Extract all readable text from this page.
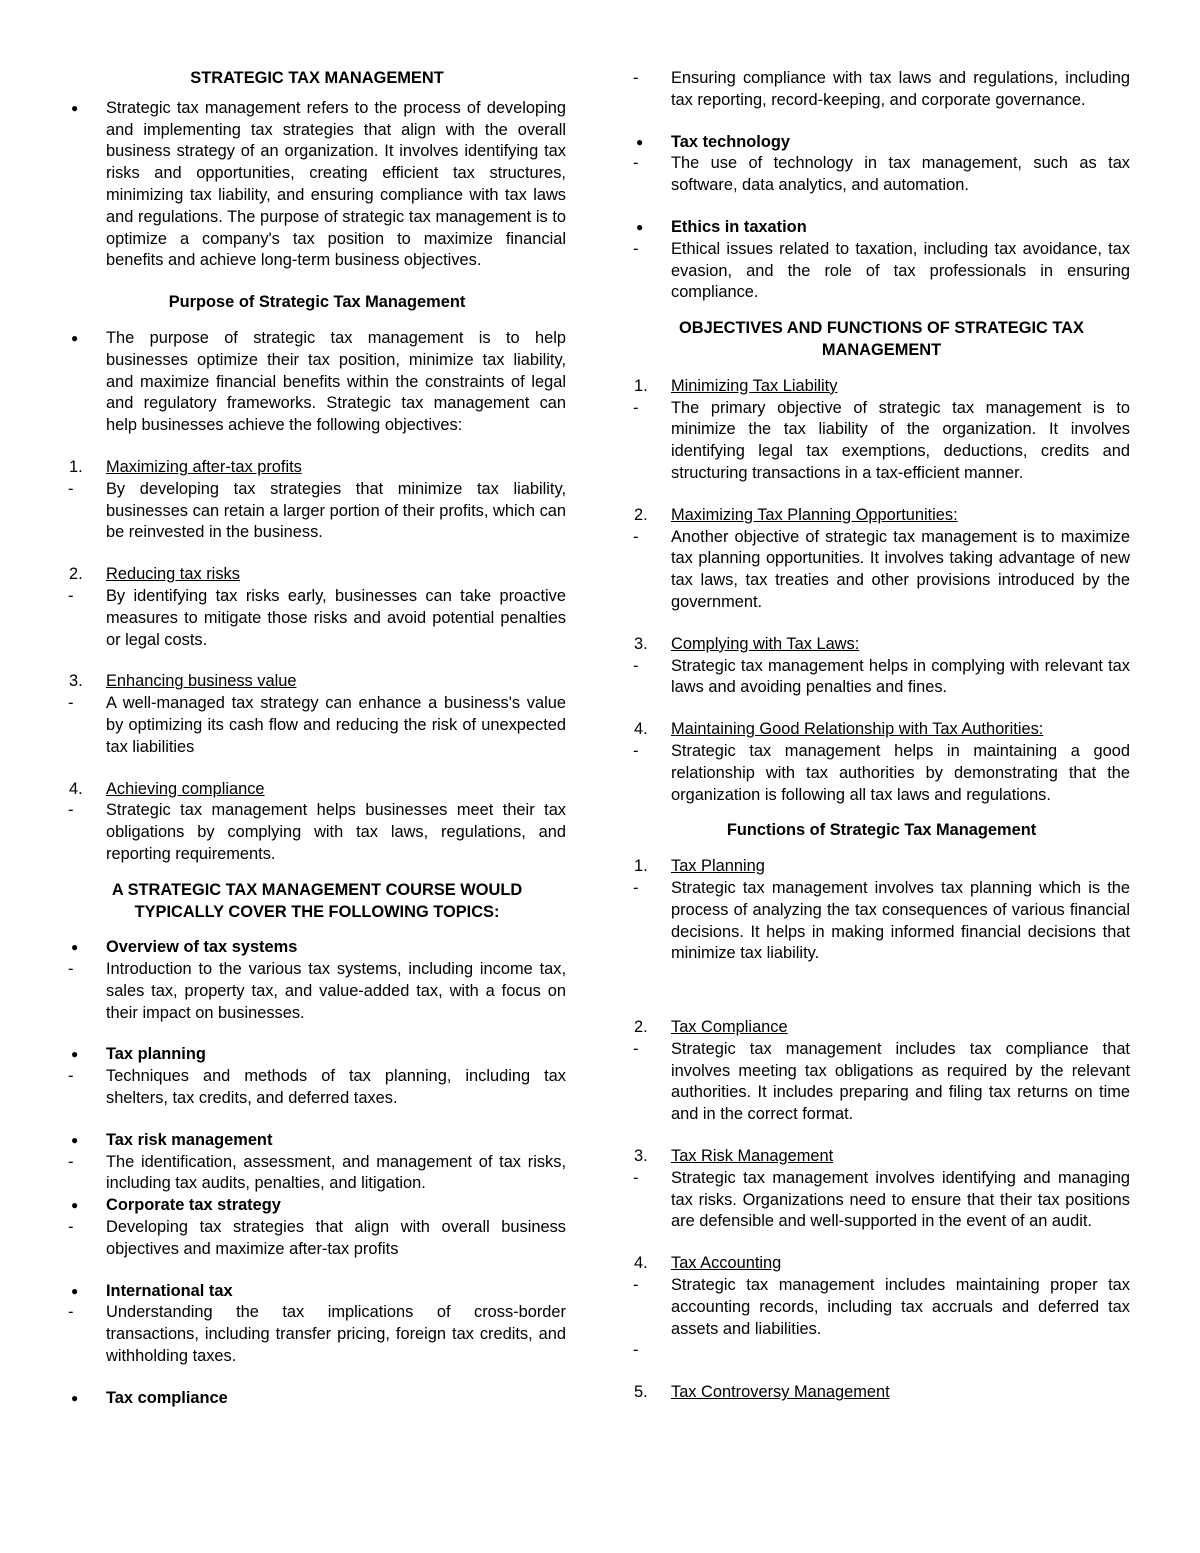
STRATEGIC TAX MANAGEMENT

●	Strategic tax management refers to the process of developing and implementing tax strategies that align with the overall business strategy of an organization. It involves identifying tax risks and opportunities, creating efficient tax structures, minimizing tax liability, and ensuring compliance with tax laws and regulations. The purpose of strategic tax management is to optimize a company's tax position to maximize financial benefits and achieve long-term business objectives.

Purpose of Strategic Tax Management

●	The purpose of strategic tax management is to help businesses optimize their tax position, minimize tax liability, and maximize financial benefits within the constraints of legal and regulatory frameworks. Strategic tax management can help businesses achieve the following objectives:
1.	Maximizing after-tax profits
-	By developing tax strategies that minimize tax liability, businesses can retain a larger portion of their profits, which can be reinvested in the business.
2.	Reducing tax risks
-	By identifying tax risks early, businesses can take proactive measures to mitigate those risks and avoid potential penalties or legal costs.
3.	Enhancing business value
-	A well-managed tax strategy can enhance a business's value by optimizing its cash flow and reducing the risk of unexpected tax liabilities
4.	Achieving compliance
-	Strategic tax management helps businesses meet their tax obligations by complying with tax laws, regulations, and reporting requirements.

A STRATEGIC TAX MANAGEMENT COURSE WOULD
TYPICALLY COVER THE FOLLOWING TOPICS:

●	Overview of tax systems
-	Introduction to the various tax systems, including income tax, sales tax, property tax, and value-added tax, with a focus on their impact on businesses.
●	Tax planning
-	Techniques and methods of tax planning, including tax shelters, tax credits, and deferred taxes.
●	Tax risk management
-	The identification, assessment, and management of tax risks, including tax audits, penalties, and litigation.
●	Corporate tax strategy
-	Developing tax strategies that align with overall business objectives and maximize after-tax profits
●	International tax
-	Understanding the tax implications of cross-border transactions, including transfer pricing, foreign tax credits, and withholding taxes.
●	Tax compliance
-	Ensuring compliance with tax laws and regulations, including tax reporting, record-keeping, and corporate governance.
●	Tax technology
-	The use of technology in tax management, such as tax software, data analytics, and automation.
●	Ethics in taxation
-	Ethical issues related to taxation, including tax avoidance, tax evasion, and the role of tax professionals in ensuring compliance.

OBJECTIVES AND FUNCTIONS OF STRATEGIC TAX
MANAGEMENT

1.	Minimizing Tax Liability
-	The primary objective of strategic tax management is to minimize the tax liability of the organization. It involves identifying legal tax exemptions, deductions, credits and structuring transactions in a tax-efficient manner.
2.	Maximizing Tax Planning Opportunities:
-	Another objective of strategic tax management is to maximize tax planning opportunities. It involves taking advantage of new tax laws, tax treaties and other provisions introduced by the government.
3.	Complying with Tax Laws:
-	Strategic tax management helps in complying with relevant tax laws and avoiding penalties and fines.
4.	Maintaining Good Relationship with Tax Authorities:
-	Strategic tax management helps in maintaining a good relationship with tax authorities by demonstrating that the organization is following all tax laws and regulations.

Functions of Strategic Tax Management

1.	Tax Planning
-	Strategic tax management involves tax planning which is the process of analyzing the tax consequences of various financial decisions. It helps in making informed financial decisions that minimize tax liability.
2.	Tax Compliance
-	Strategic tax management includes tax compliance that involves meeting tax obligations as required by the relevant authorities. It includes preparing and filing tax returns on time and in the correct format.
3.	Tax Risk Management
-	Strategic tax management involves identifying and managing tax risks. Organizations need to ensure that their tax positions are defensible and well-supported in the event of an audit.
4.	Tax Accounting
-	Strategic tax management includes maintaining proper tax accounting records, including tax accruals and deferred tax assets and liabilities.
-

5.	Tax Controversy Management
